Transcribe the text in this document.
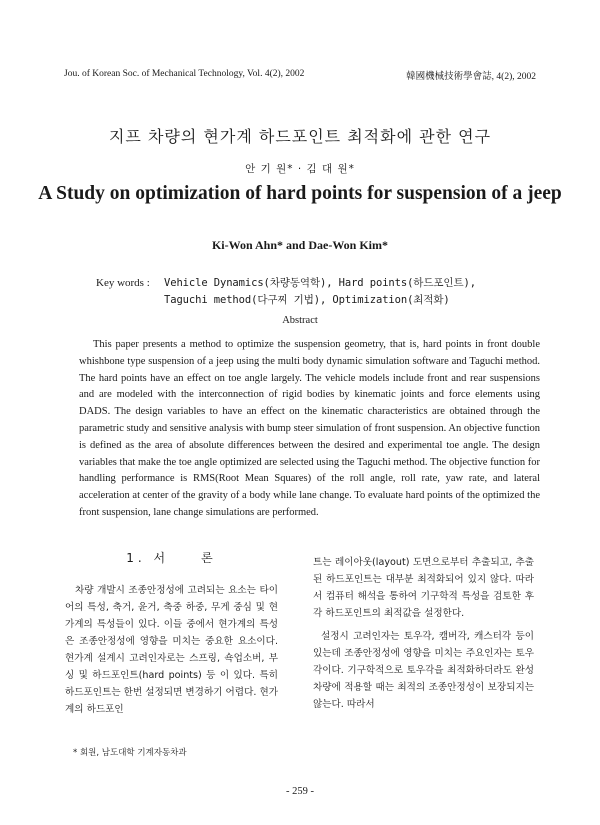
Jou. of Korean Soc. of Mechanical Technology, Vol. 4(2), 2002	韓國機械技術學會誌, 4(2), 2002
지프 차량의 현가계 하드포인트 최적화에 관한 연구
안 기 원* · 김 대 원*
A Study on optimization of hard points for suspension of a jeep
Ki-Won Ahn* and Dae-Won Kim*
Key words : Vehicle Dynamics(차량동역학), Hard points(하드포인트), Taguchi method(다구찌 기법), Optimization(최적화)
Abstract

This paper presents a method to optimize the suspension geometry, that is, hard points in front double whishbone type suspension of a jeep using the multi body dynamic simulation software and Taguchi method. The hard points have an effect on toe angle largely. The vehicle models include front and rear suspensions and are modeled with the interconnection of rigid bodies by kinematic joints and force elements using DADS. The design variables to have an effect on the kinematic characteristics are obtained through the parametric study and sensitive analysis with bump steer simulation of front suspension. An objective function is defined as the area of absolute differences between the desired and experimental toe angle. The design variables that make the toe angle optimized are selected using the Taguchi method. The objective function for handling performance is RMS(Root Mean Squares) of the roll angle, roll rate, yaw rate, and lateral acceleration at center of the gravity of a body while lane change. To evaluate hard points of the optimized the front suspension, lane change simulations are performed.

1. 서　　론

차량 개발시 조종안정성에 고려되는 요소는 타이어의 특성, 축거, 윤거, 축중 하중, 무게 중심 및 현가계의 특성들이 있다. 이들 중에서 현가계의 특성은 조종안정성에 영향을 미치는 중요한 요소이다. 현가계 설계시 고려인자로는 스프링, 쇽업소버, 부싱 및 하드포인트(hard points) 등 이 있다. 특히 하드포인트는 한번 설정되면 변경하기 어렵다. 현가계의 하드포인

트는 레이아웃(layout) 도면으로부터 추출되고, 추출된 하드포인트는 대부분 최적화되어 있지 않다. 따라서 컴퓨터 해석을 통하여 기구학적 특성을 검토한 후 각 하드포인트의 최적값을 설정한다.

설정시 고려인자는 토우각, 캠버각, 캐스터각 등이 있는데 조종안정성에 영향을 미치는 주요인자는 토우각이다. 기구학적으로 토우각을 최적화하더라도 완성차량에 적용할 때는 최적의 조종안정성이 보장되지는 않는다. 따라서

* 회원, 남도대학 기계자동차과
- 259 -
